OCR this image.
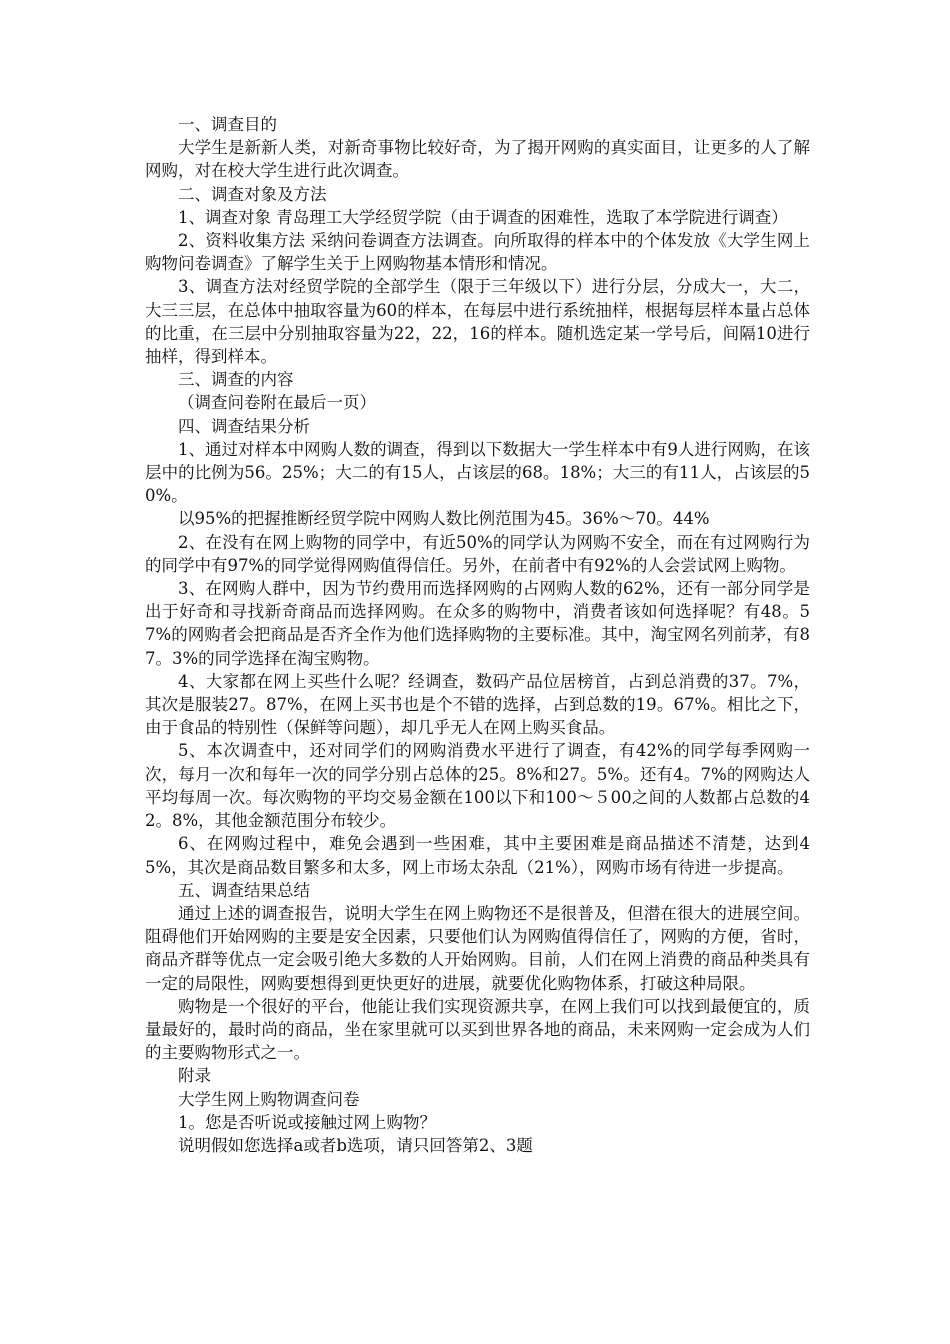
一、调查目的

大学生是新新人类，对新奇事物比较好奇，为了揭开网购的真实面目，让更多的人了解网购，对在校大学生进行此次调查。

二、调查对象及方法

1、调查对象 青岛理工大学经贸学院（由于调查的困难性，选取了本学院进行调查）

2、资料收集方法 采纳问卷调查方法调查。向所取得的样本中的个体发放《大学生网上购物问卷调查》了解学生关于上网购物基本情形和情况。

3、调查方法对经贸学院的全部学生（限于三年级以下）进行分层，分成大一，大二，大三三层，在总体中抽取容量为60的样本，在每层中进行系统抽样，根据每层样本量占总体的比重，在三层中分别抽取容量为22，22，16的样本。随机选定某一学号后，间隔10进行抽样，得到样本。

三、调查的内容

（调查问卷附在最后一页）

四、调查结果分析

1、通过对样本中网购人数的调查，得到以下数据大一学生样本中有9人进行网购，在该层中的比例为56。25%；大二的有15人，占该层的68。18%；大三的有11人，占该层的50%。

以95%的把握推断经贸学院中网购人数比例范围为45。36%～70。44%

2、在没有在网上购物的同学中，有近50%的同学认为网购不安全，而在有过网购行为的同学中有97%的同学觉得网购值得信任。另外，在前者中有92%的人会尝试网上购物。

3、在网购人群中，因为节约费用而选择网购的占网购人数的62%，还有一部分同学是出于好奇和寻找新奇商品而选择网购。在众多的购物中，消费者该如何选择呢？有48。57%的网购者会把商品是否齐全作为他们选择购物的主要标准。其中，淘宝网名列前茅，有87。3%的同学选择在淘宝购物。

4、大家都在网上买些什么呢？经调查，数码产品位居榜首，占到总消费的37。7%，其次是服装27。87%，在网上买书也是个不错的选择，占到总数的19。67%。相比之下，由于食品的特别性（保鲜等问题），却几乎无人在网上购买食品。

5、本次调查中，还对同学们的网购消费水平进行了调查，有42%的同学每季网购一次，每月一次和每年一次的同学分别占总体的25。8%和27。5%。还有4。7%的网购达人平均每周一次。每次购物的平均交易金额在100以下和100～５00之间的人数都占总数的42。8%，其他金额范围分布较少。

6、在网购过程中，难免会遇到一些困难，其中主要困难是商品描述不清楚，达到45%，其次是商品数目繁多和太多，网上市场太杂乱（21%），网购市场有待进一步提高。

五、调查结果总结

通过上述的调查报告，说明大学生在网上购物还不是很普及，但潜在很大的进展空间。阻碍他们开始网购的主要是安全因素，只要他们认为网购值得信任了，网购的方便，省时，商品齐群等优点一定会吸引绝大多数的人开始网购。目前，人们在网上消费的商品种类具有一定的局限性，网购要想得到更快更好的进展，就要优化购物体系，打破这种局限。

购物是一个很好的平台，他能让我们实现资源共享，在网上我们可以找到最便宜的，质量最好的，最时尚的商品，坐在家里就可以买到世界各地的商品，未来网购一定会成为人们的主要购物形式之一。

附录

大学生网上购物调查问卷

1。您是否听说或接触过网上购物？

说明假如您选择a或者b选项，请只回答第2、3题
